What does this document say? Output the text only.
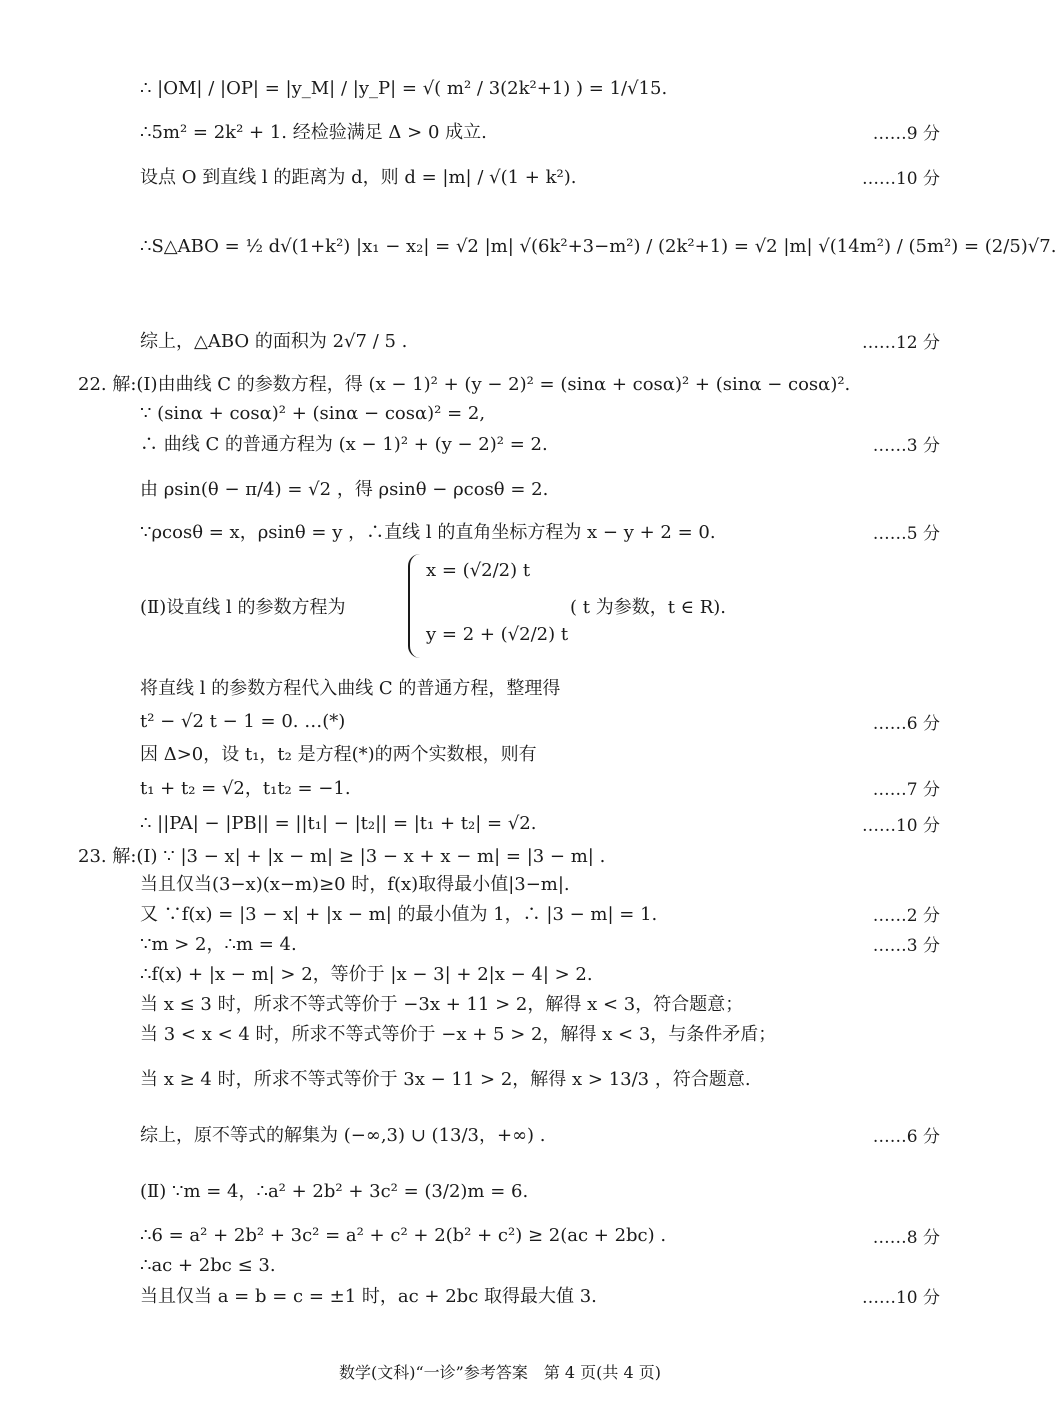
∴ |OM| / |OP| = |y_M| / |y_P| = √( m² / 3(2k²+1) ) = 1/√15.
∴5m² = 2k² + 1. 经检验满足 Δ > 0 成立.	……9 分
设点 O 到直线 l 的距离为 d，则 d = |m| / √(1 + k²).	……10 分
∴S△ABO = ½ d√(1+k²) |x₁ − x₂| = √2 |m| √(6k²+3−m²) / (2k²+1) = √2 |m| √(14m²) / (5m²) = (2/5)√7.
综上，△ABO 的面积为 2√7 / 5 .	……12 分
22. 解:(Ⅰ)由曲线 C 的参数方程，得 (x − 1)² + (y − 2)² = (sinα + cosα)² + (sinα − cosα)².
∵ (sinα + cosα)² + (sinα − cosα)² = 2,
∴ 曲线 C 的普通方程为 (x − 1)² + (y − 2)² = 2.	……3 分
由 ρsin(θ − π/4) = √2 ，得 ρsinθ − ρcosθ = 2.
∵ρcosθ = x，ρsinθ = y ，∴直线 l 的直角坐标方程为 x − y + 2 = 0.	……5 分
(Ⅱ)设直线 l 的参数方程为
x = (√2/2) t
y = 2 + (√2/2) t
( t 为参数，t ∈ R).
将直线 l 的参数方程代入曲线 C 的普通方程，整理得
t² − √2 t − 1 = 0. …(*)	……6 分
因 Δ>0，设 t₁，t₂ 是方程(*)的两个实数根，则有
t₁ + t₂ = √2，t₁t₂ = −1.	……7 分
∴ ||PA| − |PB|| = ||t₁| − |t₂|| = |t₁ + t₂| = √2.	……10 分
23. 解:(Ⅰ) ∵ |3 − x| + |x − m| ≥ |3 − x + x − m| = |3 − m| .
当且仅当(3−x)(x−m)≥0 时，f(x)取得最小值|3−m|.
又 ∵f(x) = |3 − x| + |x − m| 的最小值为 1，∴ |3 − m| = 1.	……2 分
∵m > 2，∴m = 4.	……3 分
∴f(x) + |x − m| > 2，等价于 |x − 3| + 2|x − 4| > 2.
当 x ≤ 3 时，所求不等式等价于 −3x + 11 > 2，解得 x < 3，符合题意；
当 3 < x < 4 时，所求不等式等价于 −x + 5 > 2，解得 x < 3，与条件矛盾；
当 x ≥ 4 时，所求不等式等价于 3x − 11 > 2，解得 x > 13/3 ，符合题意.
综上，原不等式的解集为 (−∞,3) ∪ (13/3，+∞) .	……6 分
(Ⅱ) ∵m = 4，∴a² + 2b² + 3c² = (3/2)m = 6.
∴6 = a² + 2b² + 3c² = a² + c² + 2(b² + c²) ≥ 2(ac + 2bc) .	……8 分
∴ac + 2bc ≤ 3.
当且仅当 a = b = c = ±1 时，ac + 2bc 取得最大值 3.	……10 分
数学(文科)“一诊”参考答案　第 4 页(共 4 页)
